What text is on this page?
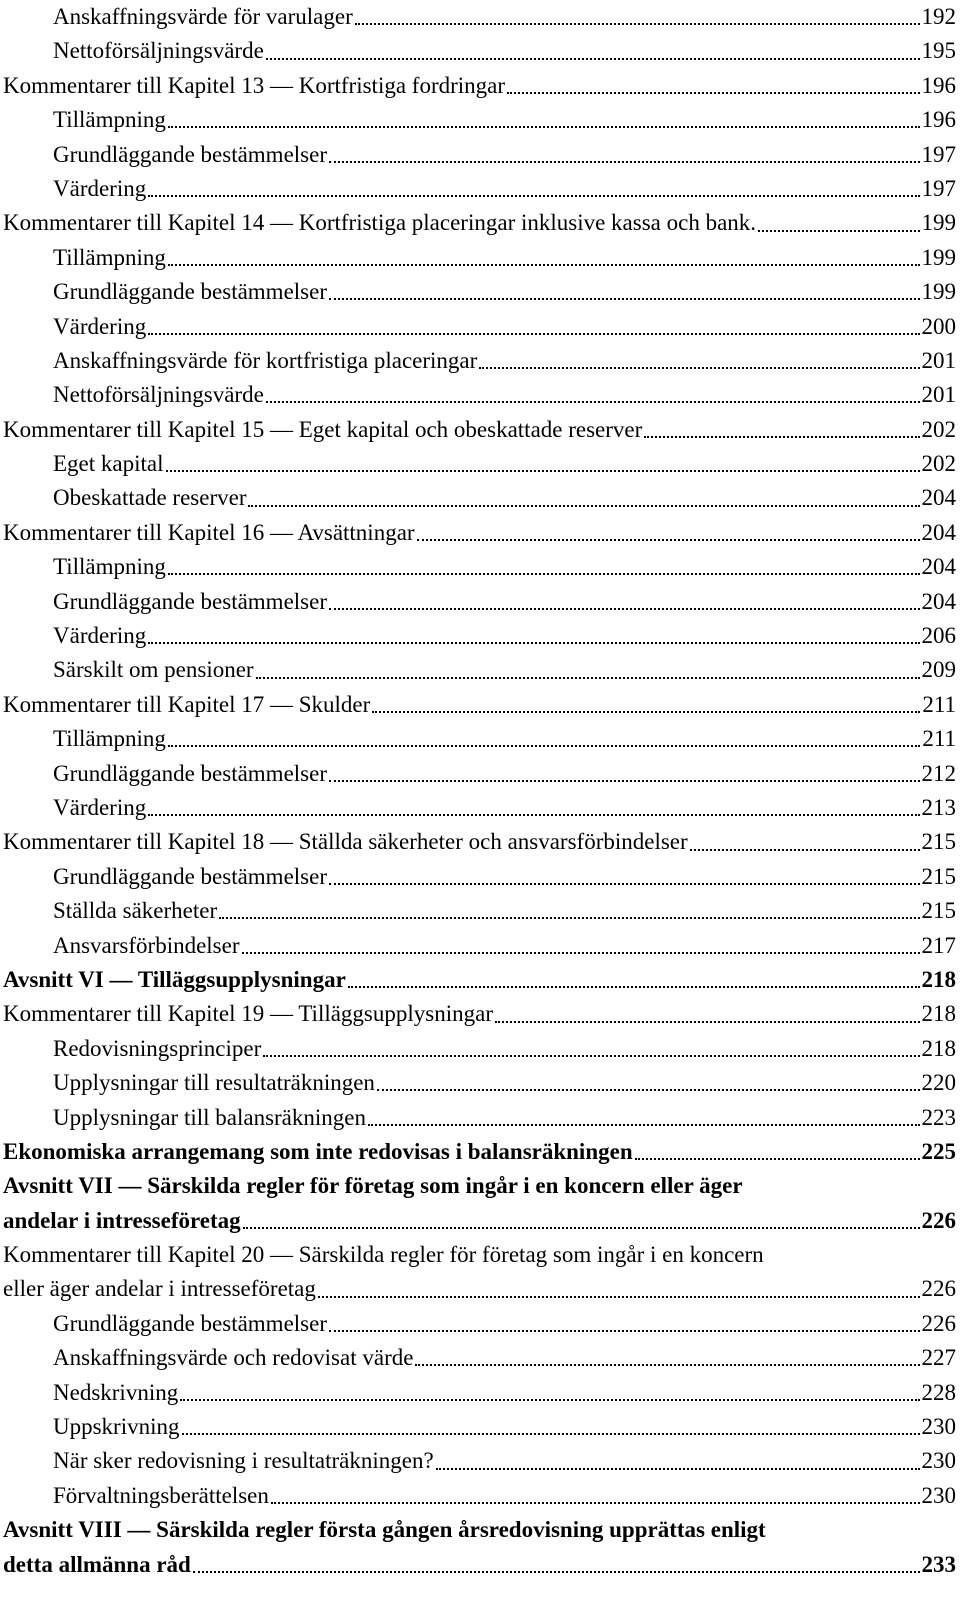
Anskaffningsvärde för varulager	192
Nettoförsäljningsvärde	195
Kommentarer till Kapitel 13 — Kortfristiga fordringar	196
Tillämpning	196
Grundläggande bestämmelser	197
Värdering	197
Kommentarer till Kapitel 14 — Kortfristiga placeringar inklusive kassa och bank.	199
Tillämpning	199
Grundläggande bestämmelser	199
Värdering	200
Anskaffningsvärde för kortfristiga placeringar	201
Nettoförsäljningsvärde	201
Kommentarer till Kapitel 15 — Eget kapital och obeskattade reserver	202
Eget kapital	202
Obeskattade reserver	204
Kommentarer till Kapitel 16 — Avsättningar	204
Tillämpning	204
Grundläggande bestämmelser	204
Värdering	206
Särskilt om pensioner	209
Kommentarer till Kapitel 17 — Skulder	211
Tillämpning	211
Grundläggande bestämmelser	212
Värdering	213
Kommentarer till Kapitel 18 — Ställda säkerheter och ansvarsförbindelser	215
Grundläggande bestämmelser	215
Ställda säkerheter	215
Ansvarsförbindelser	217
Avsnitt VI — Tilläggsupplysningar	218
Kommentarer till Kapitel 19 — Tilläggsupplysningar	218
Redovisningsprinciper	218
Upplysningar till resultaträkningen	220
Upplysningar till balansräkningen	223
Ekonomiska arrangemang som inte redovisas i balansräkningen	225
Avsnitt VII — Särskilda regler för företag som ingår i en koncern eller äger
andelar i intresseföretag	226
Kommentarer till Kapitel 20 — Särskilda regler för företag som ingår i en koncern
eller äger andelar i intresseföretag	226
Grundläggande bestämmelser	226
Anskaffningsvärde och redovisat värde	227
Nedskrivning	228
Uppskrivning	230
När sker redovisning i resultaträkningen?	230
Förvaltningsberättelsen	230
Avsnitt VIII — Särskilda regler första gången årsredovisning upprättas enligt
detta allmänna råd	233
